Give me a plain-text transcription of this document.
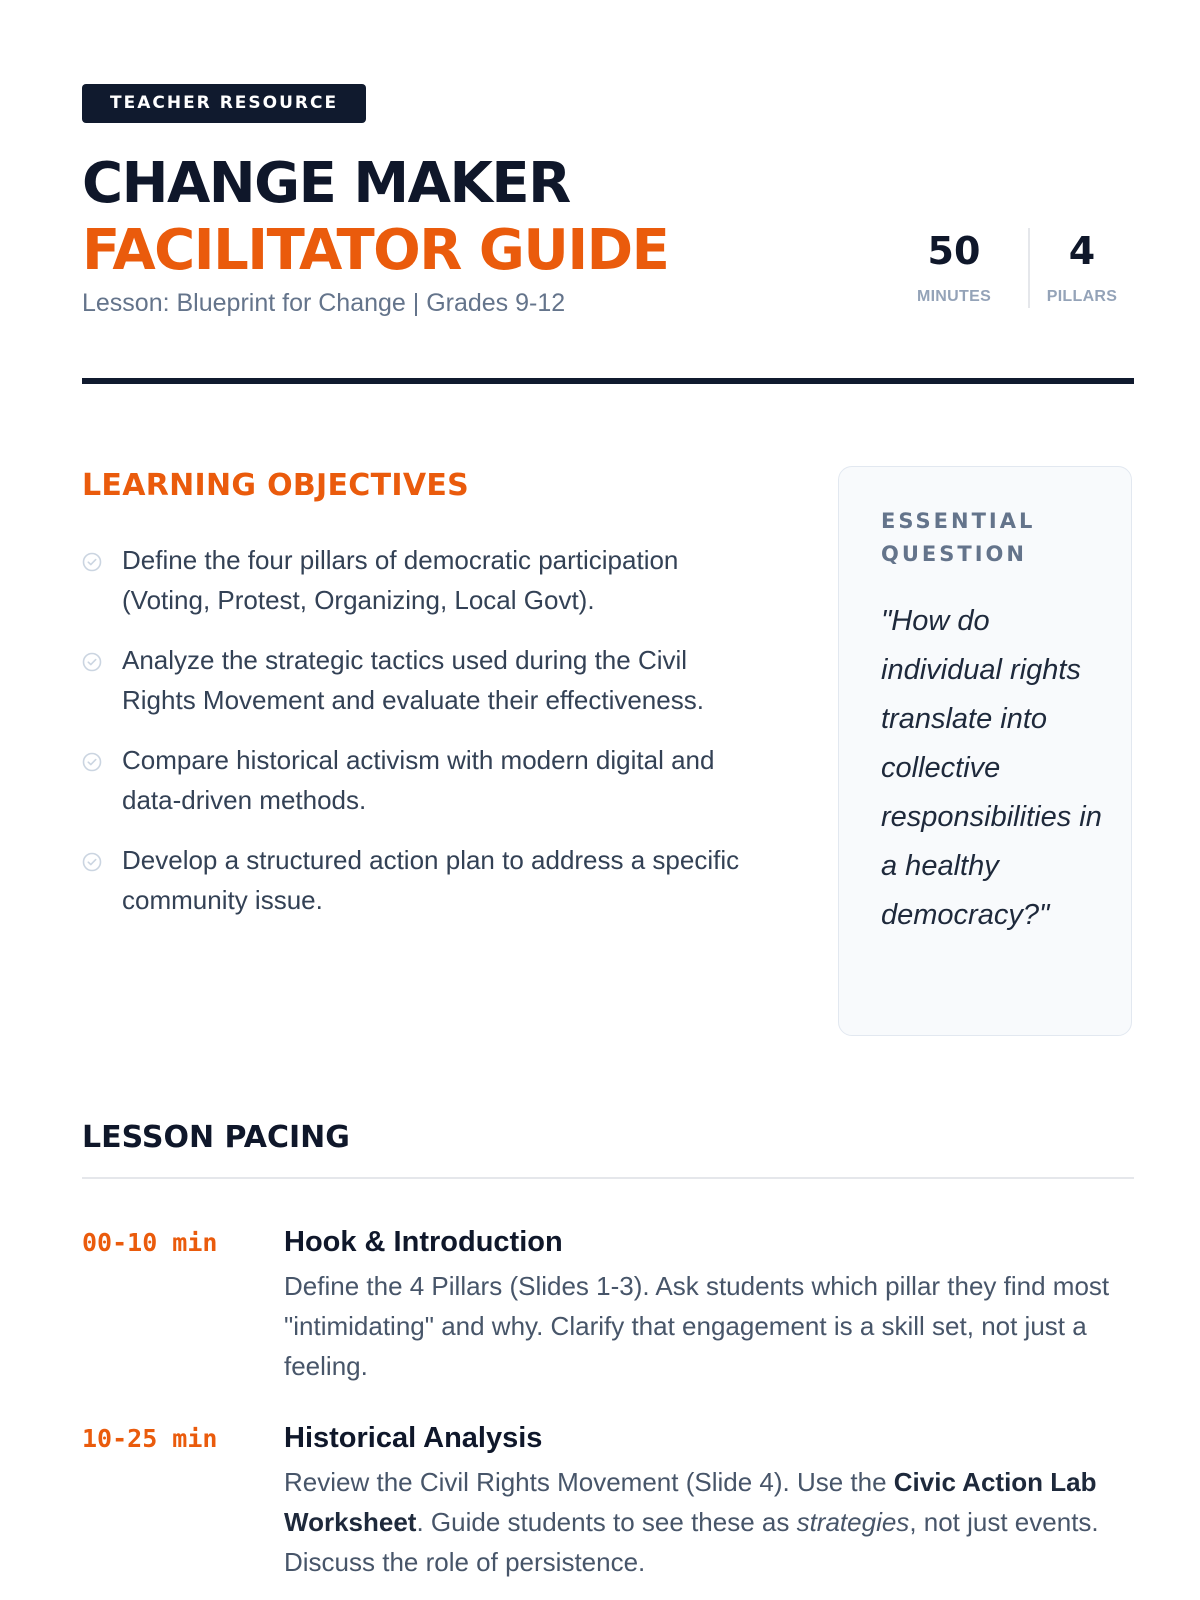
TEACHER RESOURCE
CHANGE MAKER
FACILITATOR GUIDE
Lesson: Blueprint for Change | Grades 9-12
50
MINUTES
4
PILLARS
LEARNING OBJECTIVES
Define the four pillars of democratic participation (Voting, Protest, Organizing, Local Govt).
Analyze the strategic tactics used during the Civil Rights Movement and evaluate their effectiveness.
Compare historical activism with modern digital and data-driven methods.
Develop a structured action plan to address a specific community issue.
ESSENTIAL
QUESTION
"How do individual rights translate into collective responsibilities in a healthy democracy?"
LESSON PACING
00-10 min Hook & Introduction
Define the 4 Pillars (Slides 1-3). Ask students which pillar they find most "intimidating" and why. Clarify that engagement is a skill set, not just a feeling.
10-25 min Historical Analysis
Review the Civil Rights Movement (Slide 4). Use the Civic Action Lab Worksheet. Guide students to see these as strategies, not just events. Discuss the role of persistence.
